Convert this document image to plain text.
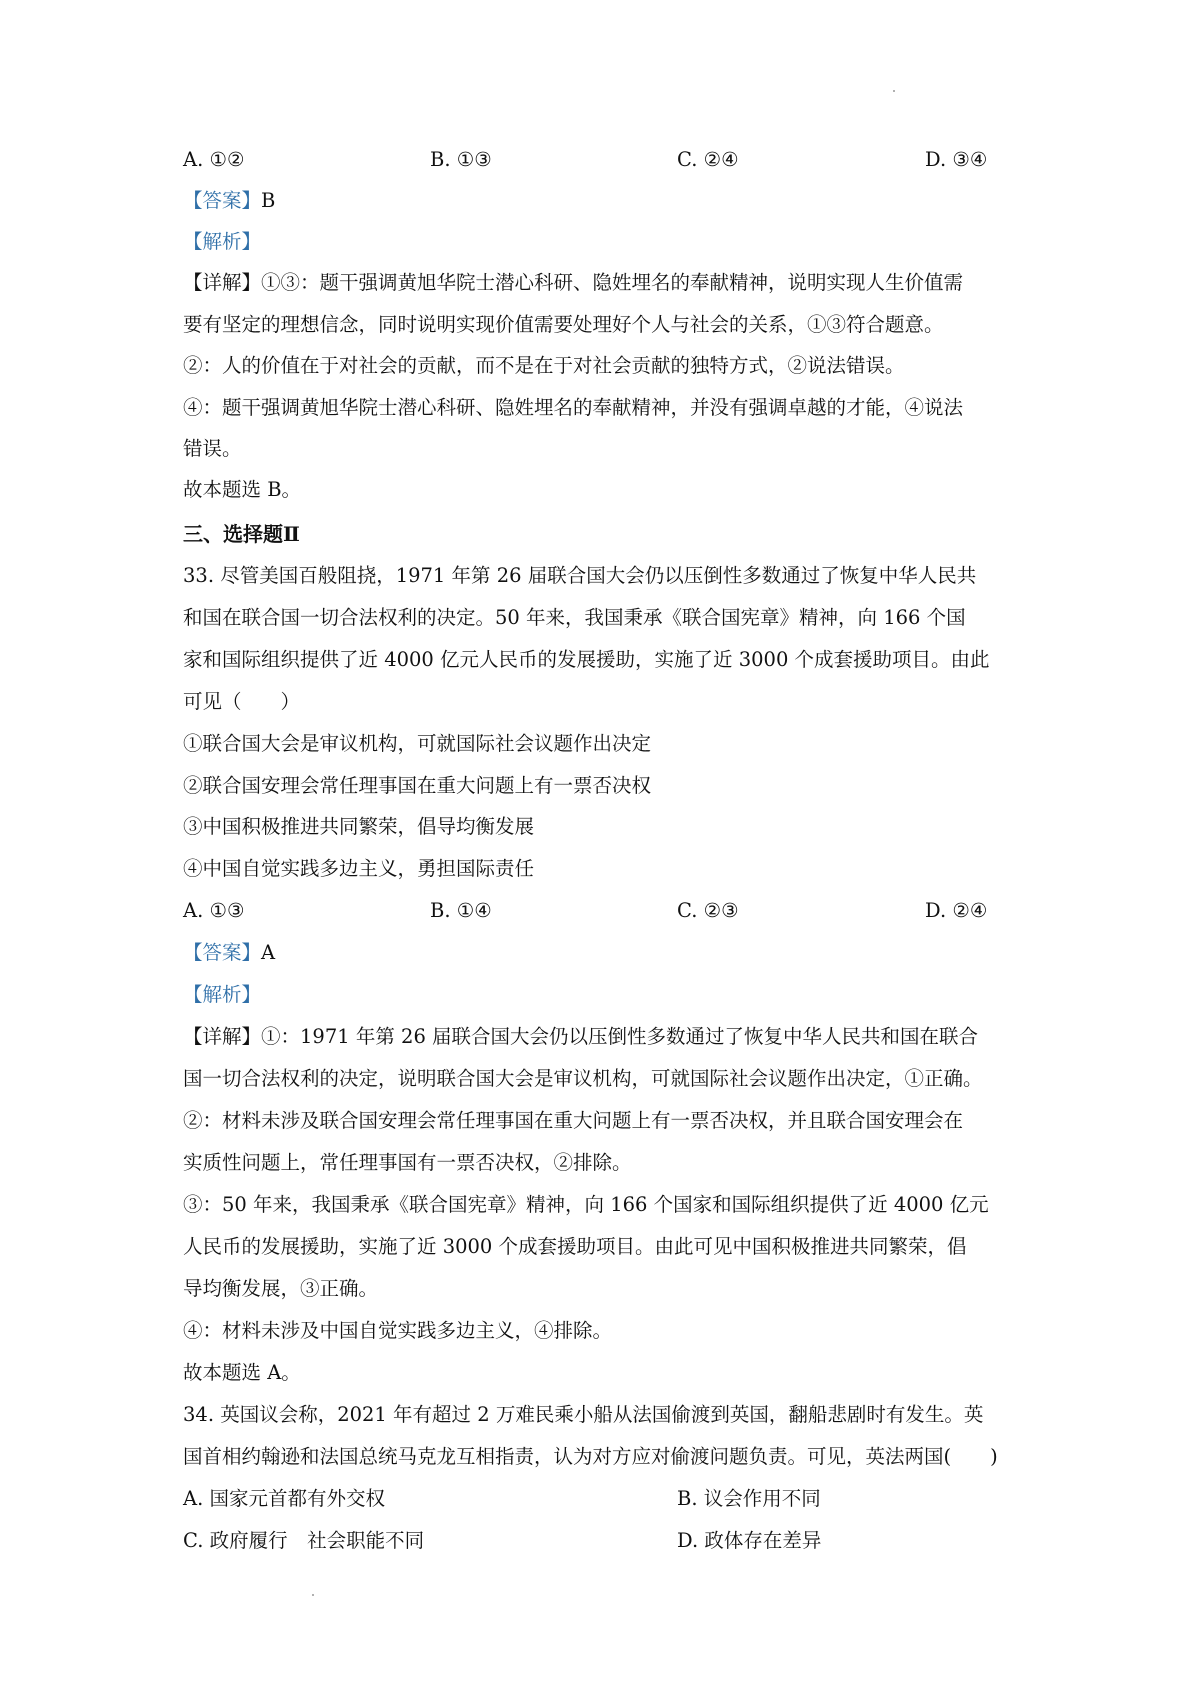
A. ①②	B. ①③	C. ②④	D. ③④
【答案】B
【解析】
【详解】①③：题干强调黄旭华院士潜心科研、隐姓埋名的奉献精神，说明实现人生价值需
要有坚定的理想信念，同时说明实现价值需要处理好个人与社会的关系，①③符合题意。
②：人的价值在于对社会的贡献，而不是在于对社会贡献的独特方式，②说法错误。
④：题干强调黄旭华院士潜心科研、隐姓埋名的奉献精神，并没有强调卓越的才能，④说法
错误。
故本题选 B。
三、选择题Ⅱ
33. 尽管美国百般阻挠，1971 年第 26 届联合国大会仍以压倒性多数通过了恢复中华人民共
和国在联合国一切合法权利的决定。50 年来，我国秉承《联合国宪章》精神，向 166 个国
家和国际组织提供了近 4000 亿元人民币的发展援助，实施了近 3000 个成套援助项目。由此
可见（　　）
①联合国大会是审议机构，可就国际社会议题作出决定
②联合国安理会常任理事国在重大问题上有一票否决权
③中国积极推进共同繁荣，倡导均衡发展
④中国自觉实践多边主义，勇担国际责任
A. ①③	B. ①④	C. ②③	D. ②④
【答案】A
【解析】
【详解】①：1971 年第 26 届联合国大会仍以压倒性多数通过了恢复中华人民共和国在联合
国一切合法权利的决定，说明联合国大会是审议机构，可就国际社会议题作出决定，①正确。
②：材料未涉及联合国安理会常任理事国在重大问题上有一票否决权，并且联合国安理会在
实质性问题上，常任理事国有一票否决权，②排除。
③：50 年来，我国秉承《联合国宪章》精神，向 166 个国家和国际组织提供了近 4000 亿元
人民币的发展援助，实施了近 3000 个成套援助项目。由此可见中国积极推进共同繁荣，倡
导均衡发展，③正确。
④：材料未涉及中国自觉实践多边主义，④排除。
故本题选 A。
34. 英国议会称，2021 年有超过 2 万难民乘小船从法国偷渡到英国，翻船悲剧时有发生。英
国首相约翰逊和法国总统马克龙互相指责，认为对方应对偷渡问题负责。可见，英法两国(　　)
A. 国家元首都有外交权	B. 议会作用不同
C. 政府履行　社会职能不同	D. 政体存在差异
